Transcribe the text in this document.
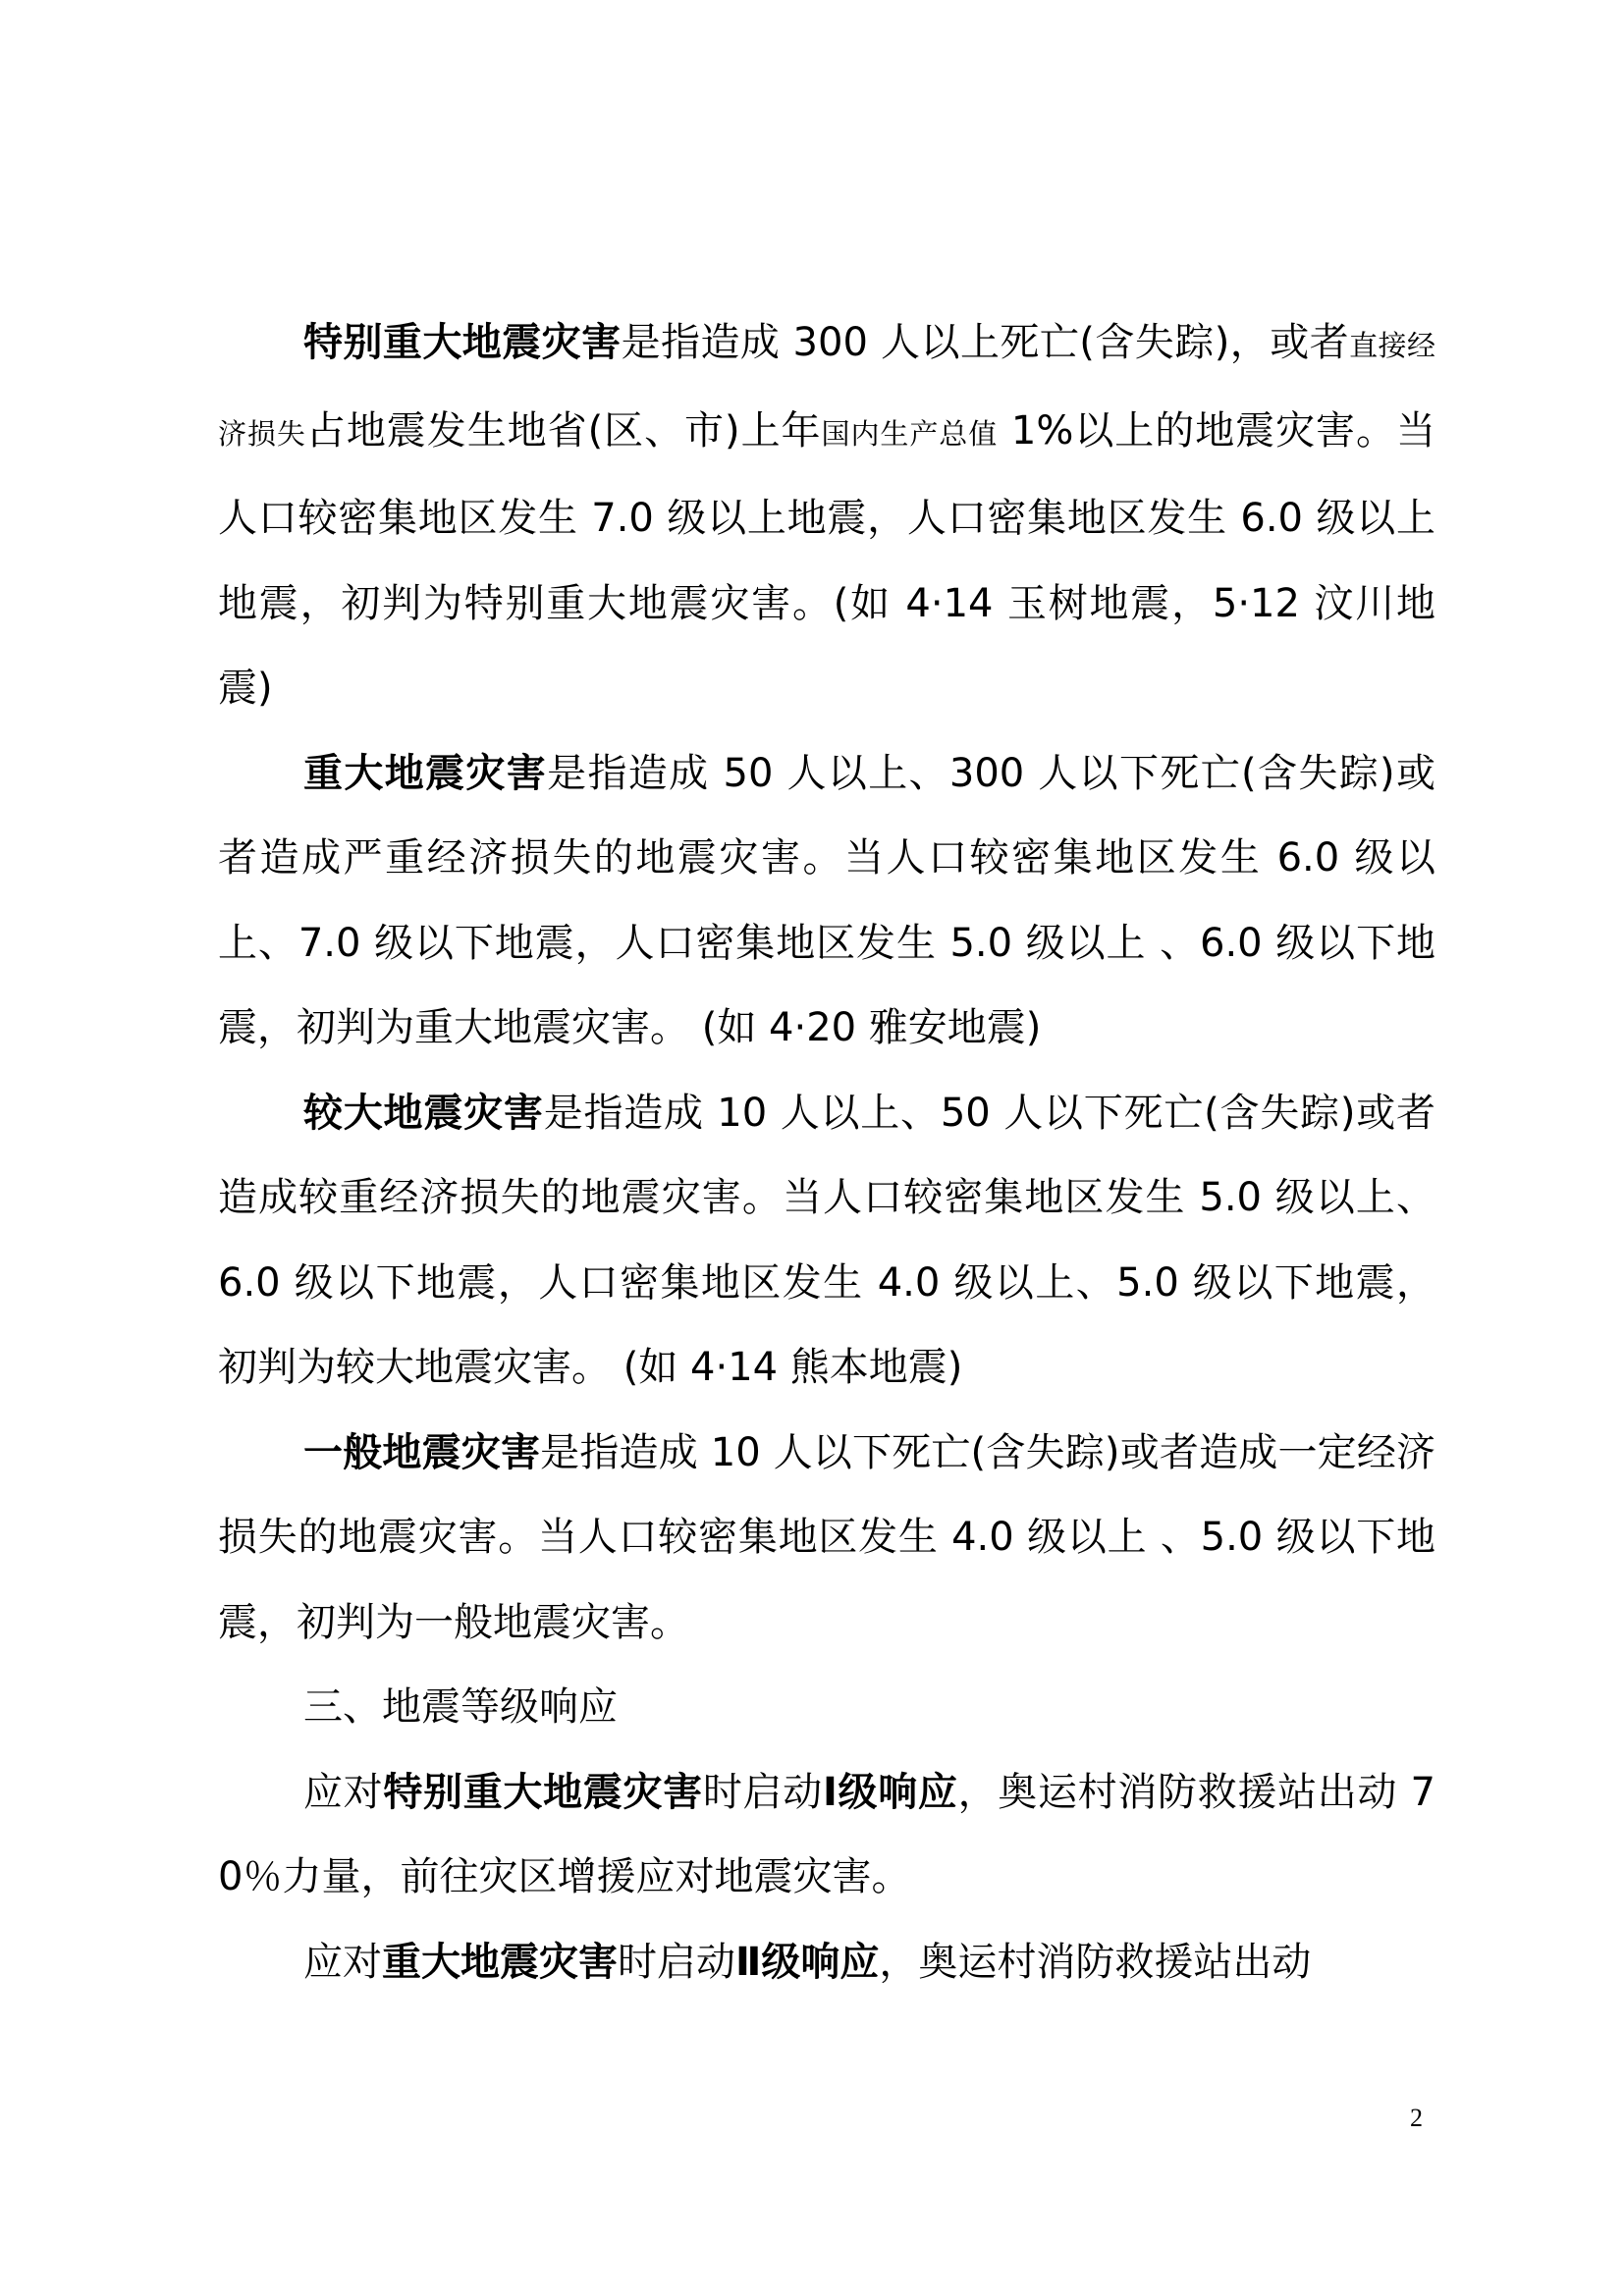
特别重大地震灾害是指造成 300 人以上死亡(含失踪)，或者直接经济损失占地震发生地省(区、市)上年国内生产总值 1%以上的地震灾害。当人口较密集地区发生 7.0 级以上地震，人口密集地区发生 6.0 级以上地震，初判为特别重大地震灾害。(如 4·14 玉树地震，5·12 汶川地震)

重大地震灾害是指造成 50 人以上、300 人以下死亡(含失踪)或者造成严重经济损失的地震灾害。当人口较密集地区发生 6.0 级以上、7.0 级以下地震，人口密集地区发生 5.0 级以上 、6.0 级以下地震，初判为重大地震灾害。 (如 4·20 雅安地震)

较大地震灾害是指造成 10 人以上、50 人以下死亡(含失踪)或者造成较重经济损失的地震灾害。当人口较密集地区发生 5.0 级以上、6.0 级以下地震，人口密集地区发生 4.0 级以上、5.0 级以下地震，初判为较大地震灾害。 (如 4·14 熊本地震)

一般地震灾害是指造成 10 人以下死亡(含失踪)或者造成一定经济损失的地震灾害。当人口较密集地区发生 4.0 级以上 、5.0 级以下地震，初判为一般地震灾害。

三、地震等级响应

应对特别重大地震灾害时启动Ⅰ级响应，奥运村消防救援站出动 70％力量，前往灾区增援应对地震灾害。

应对重大地震灾害时启动Ⅱ级响应，奥运村消防救援站出动

2
